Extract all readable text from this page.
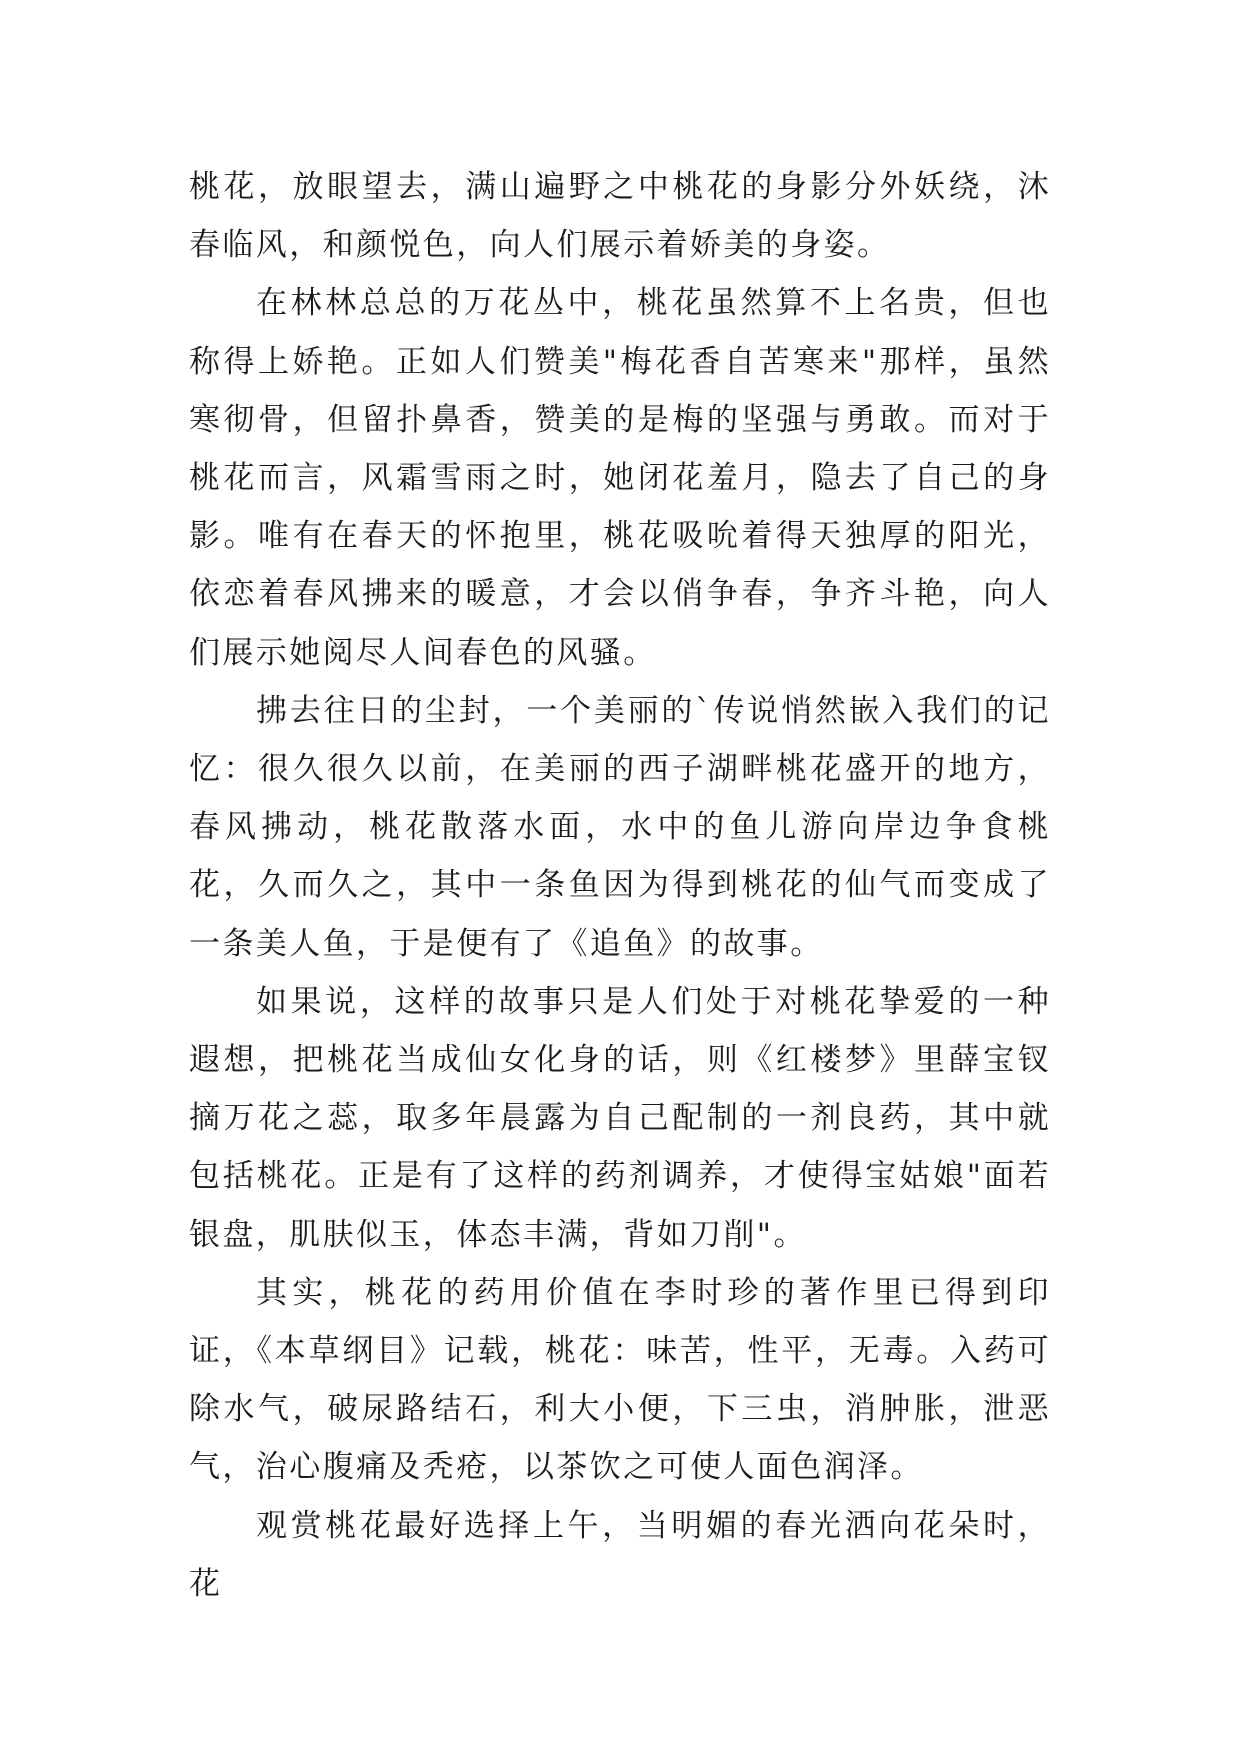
桃花，放眼望去，满山遍野之中桃花的身影分外妖绕，沐春临风，和颜悦色，向人们展示着娇美的身姿。

在林林总总的万花丛中，桃花虽然算不上名贵，但也称得上娇艳。正如人们赞美"梅花香自苦寒来"那样，虽然寒彻骨，但留扑鼻香，赞美的是梅的坚强与勇敢。而对于桃花而言，风霜雪雨之时，她闭花羞月，隐去了自己的身影。唯有在春天的怀抱里，桃花吸吮着得天独厚的阳光，依恋着春风拂来的暖意，才会以俏争春，争齐斗艳，向人们展示她阅尽人间春色的风骚。

拂去往日的尘封，一个美丽的`传说悄然嵌入我们的记忆：很久很久以前，在美丽的西子湖畔桃花盛开的地方，春风拂动，桃花散落水面，水中的鱼儿游向岸边争食桃花，久而久之，其中一条鱼因为得到桃花的仙气而变成了一条美人鱼，于是便有了《追鱼》的故事。

如果说，这样的故事只是人们处于对桃花挚爱的一种遐想，把桃花当成仙女化身的话，则《红楼梦》里薛宝钗摘万花之蕊，取多年晨露为自己配制的一剂良药，其中就包括桃花。正是有了这样的药剂调养，才使得宝姑娘"面若银盘，肌肤似玉，体态丰满，背如刀削"。

其实，桃花的药用价值在李时珍的著作里已得到印证，《本草纲目》记载，桃花：味苦，性平，无毒。入药可除水气，破尿路结石，利大小便，下三虫，消肿胀，泄恶气，治心腹痛及秃疮，以茶饮之可使人面色润泽。

观赏桃花最好选择上午，当明媚的春光洒向花朵时，花
